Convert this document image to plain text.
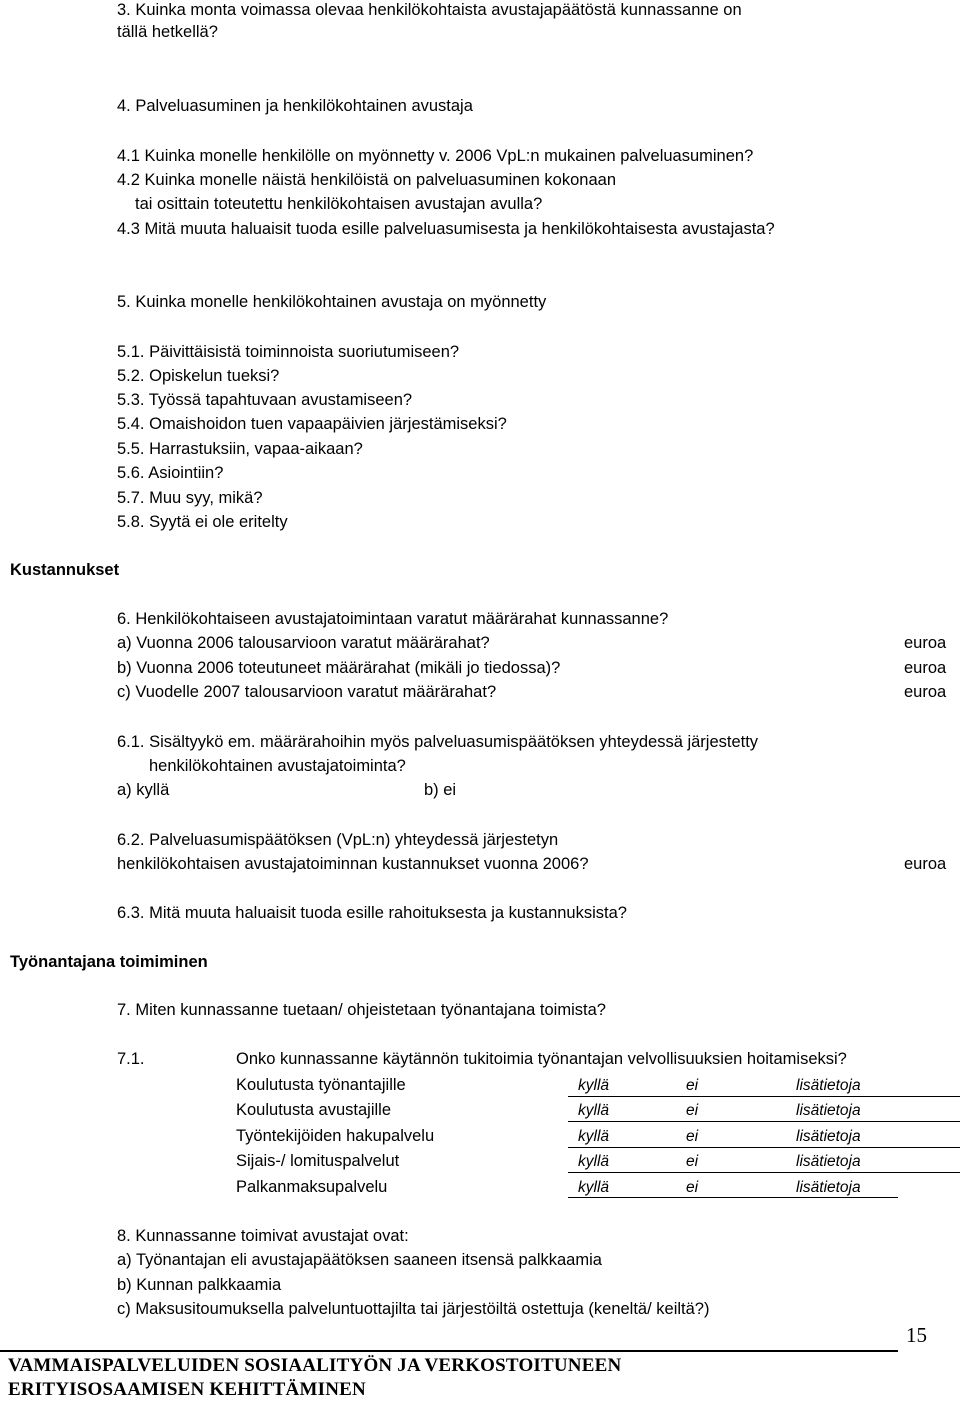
3. Kuinka monta voimassa olevaa henkilökohtaista avustajapäätöstä kunnassanne on
tällä hetkellä?
4. Palveluasuminen ja henkilökohtainen avustaja
4.1 Kuinka monelle henkilölle on myönnetty v. 2006 VpL:n mukainen palveluasuminen?
4.2 Kuinka monelle näistä henkilöistä on palveluasuminen kokonaan
tai osittain toteutettu henkilökohtaisen avustajan avulla?
4.3 Mitä muuta haluaisit tuoda esille palveluasumisesta ja henkilökohtaisesta avustajasta?
5. Kuinka monelle henkilökohtainen avustaja on myönnetty
5.1. Päivittäisistä toiminnoista suoriutumiseen?
5.2. Opiskelun tueksi?
5.3. Työssä tapahtuvaan avustamiseen?
5.4. Omaishoidon tuen vapaapäivien järjestämiseksi?
5.5. Harrastuksiin, vapaa-aikaan?
5.6. Asiointiin?
5.7. Muu syy, mikä?
5.8. Syytä ei ole eritelty
Kustannukset
6. Henkilökohtaiseen avustajatoimintaan varatut määrärahat kunnassanne?
a) Vuonna 2006 talousarvioon varatut määrärahat?	euroa
b) Vuonna 2006 toteutuneet määrärahat (mikäli jo tiedossa)?	euroa
c) Vuodelle 2007 talousarvioon varatut määrärahat?	euroa
6.1. Sisältyykö em. määrärahoihin myös palveluasumispäätöksen yhteydessä järjestetty
henkilökohtainen avustajatoiminta?
a) kyllä	b) ei
6.2. Palveluasumispäätöksen (VpL:n) yhteydessä järjestetyn
henkilökohtaisen avustajatoiminnan kustannukset vuonna 2006?	euroa
6.3. Mitä muuta haluaisit tuoda esille rahoituksesta ja kustannuksista?
Työnantajana toimiminen
7. Miten kunnassanne tuetaan/ ohjeistetaan työnantajana toimista?
7.1.	Onko kunnassanne käytännön tukitoimia työnantajan velvollisuuksien hoitamiseksi?
Koulutusta työnantajille	kyllä	ei	lisätietoja
Koulutusta avustajille	kyllä	ei	lisätietoja
Työntekijöiden hakupalvelu	kyllä	ei	lisätietoja
Sijais-/ lomituspalvelut	kyllä	ei	lisätietoja
Palkanmaksupalvelu	kyllä	ei	lisätietoja
8. Kunnassanne toimivat avustajat ovat:
a) Työnantajan eli avustajapäätöksen saaneen itsensä palkkaamia
b) Kunnan palkkaamia
c) Maksusitoumuksella palveluntuottajilta tai järjestöiltä ostettuja (keneltä/ keiltä?)
15
VAMMAISPALVELUIDEN SOSIAALITYÖN JA VERKOSTOITUNEEN
ERITYISOSAAMISEN KEHITTÄMINEN
